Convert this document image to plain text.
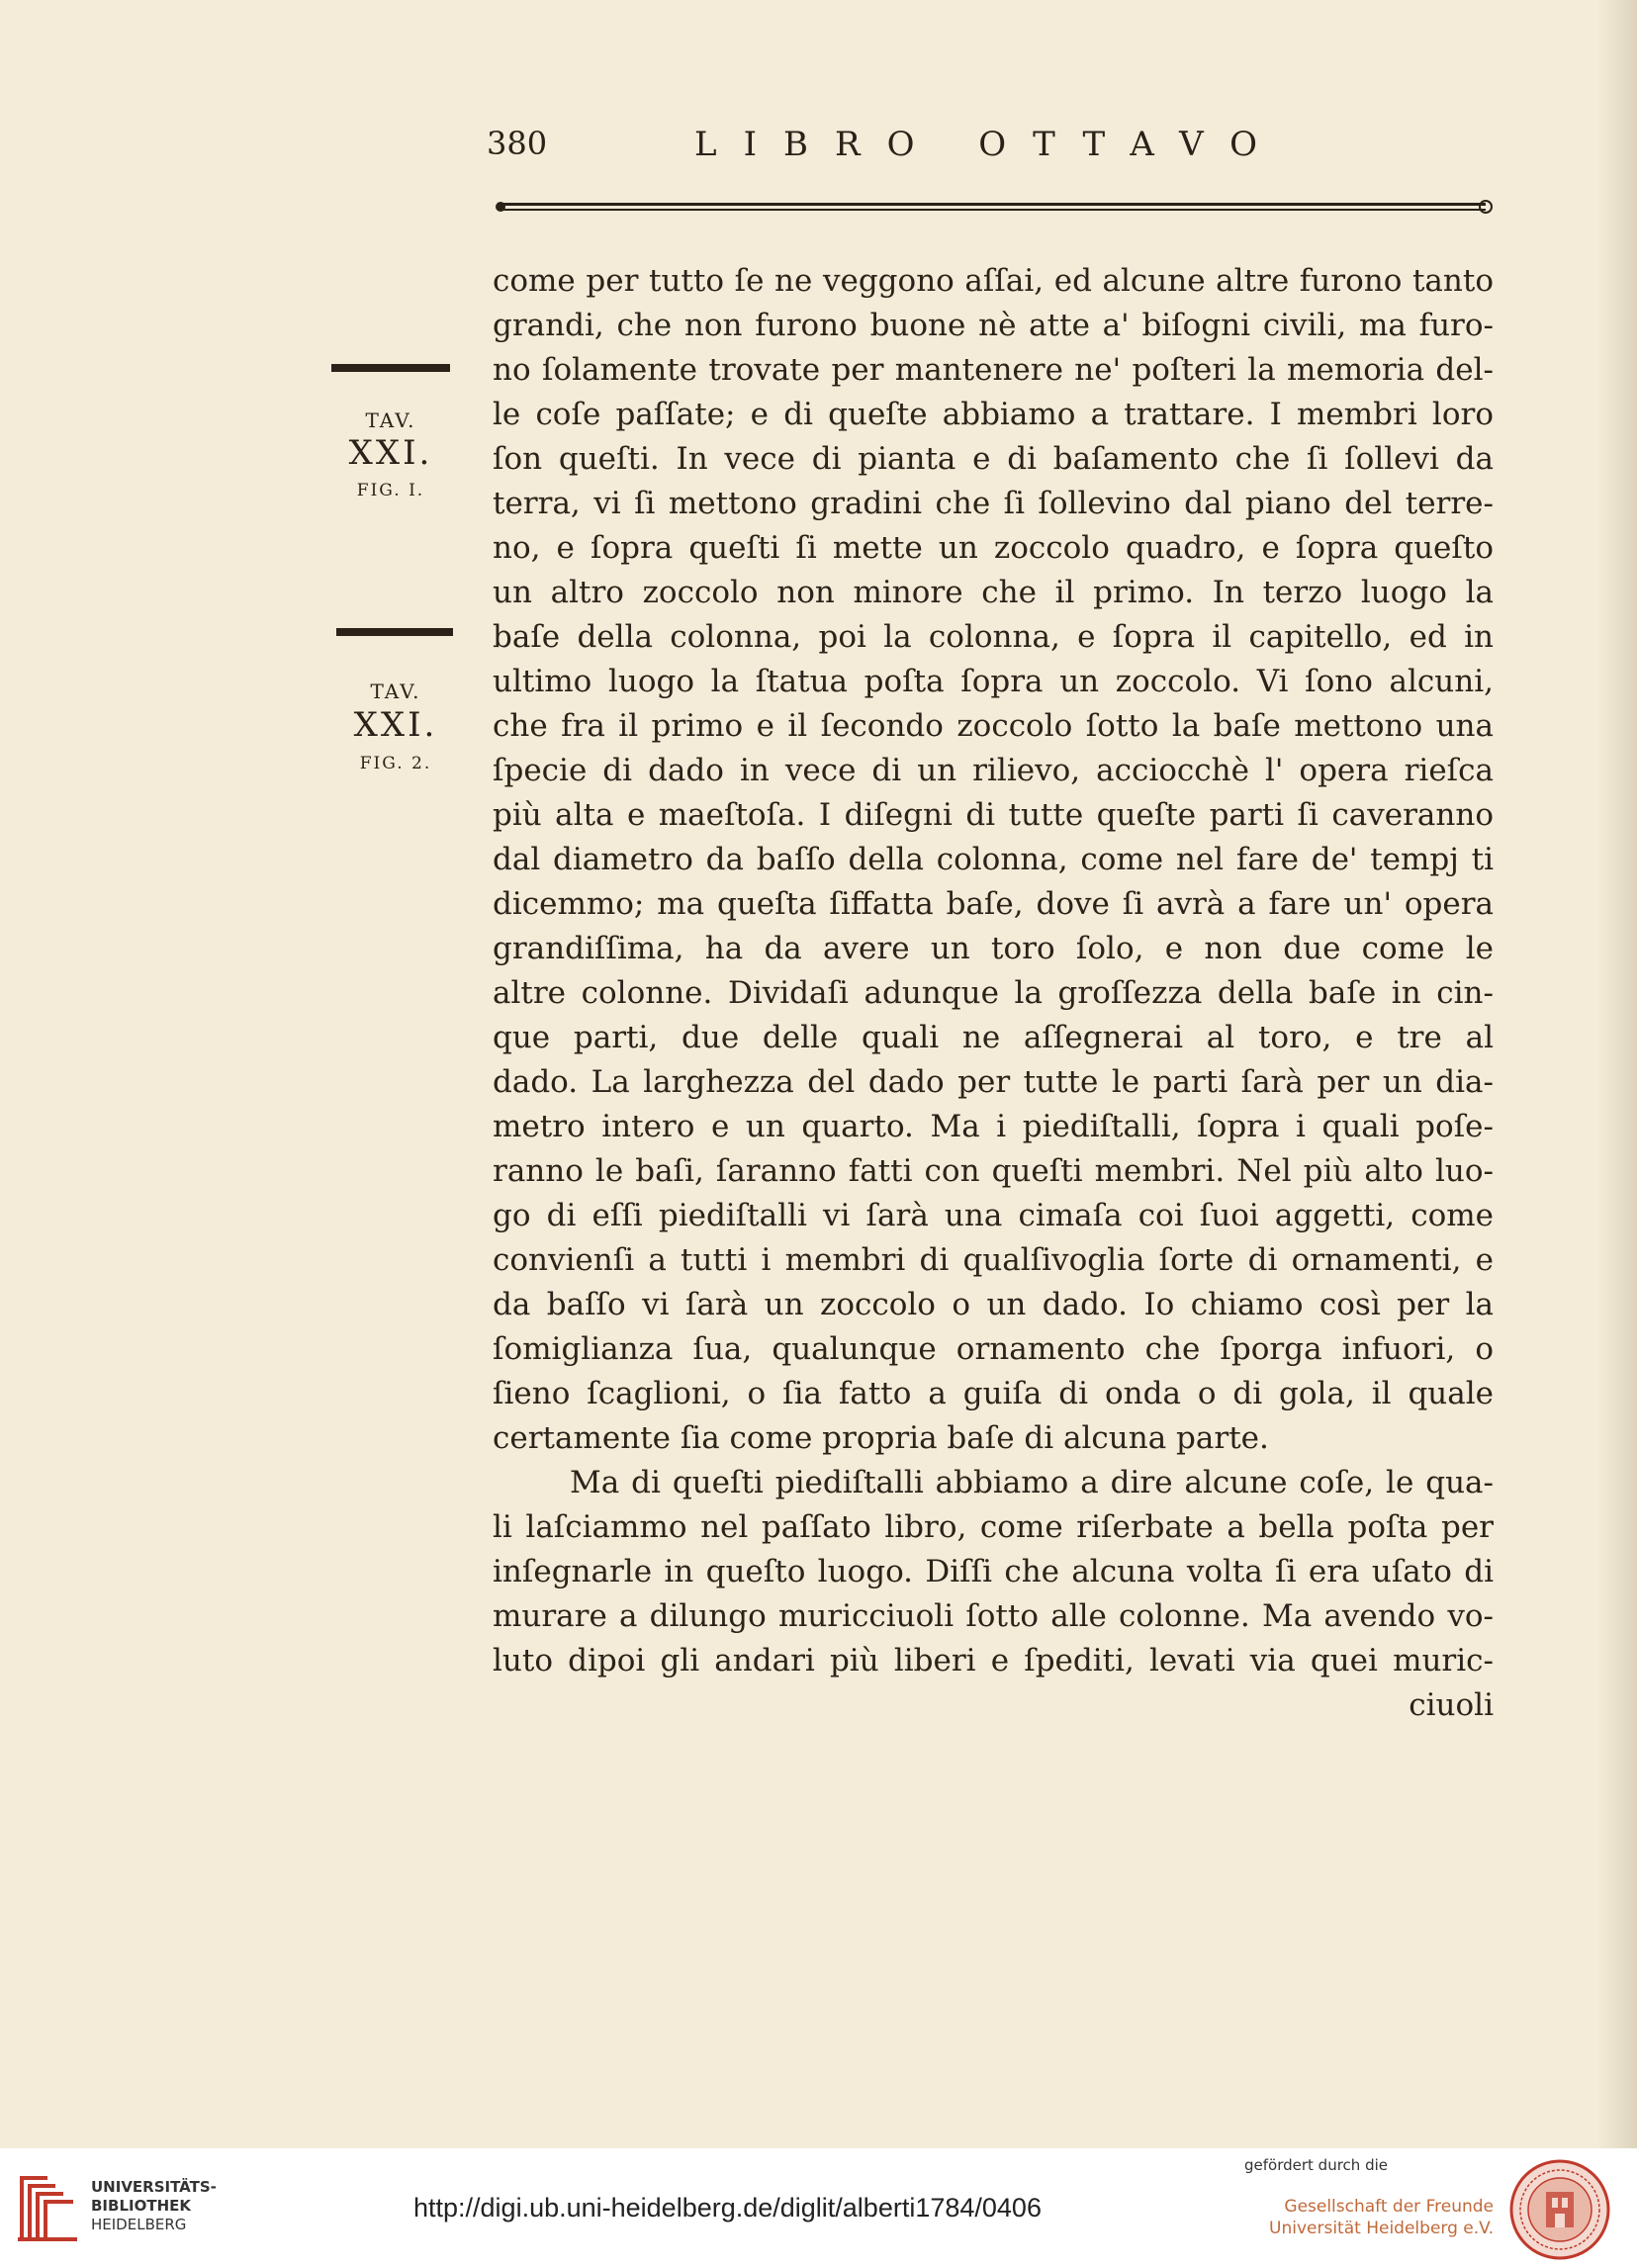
380	LIBRO OTTAVO
TAV.
XXI.
FIG. I.
TAV.
XXI.
FIG. 2.
come per tutto ſe ne veggono aſſai, ed alcune altre furono tanto
grandi, che non furono buone nè atte a' biſogni civili, ma furo-
no ſolamente trovate per mantenere ne' poſteri la memoria del-
le coſe paſſate; e di queſte abbiamo a trattare. I membri loro
ſon queſti. In vece di pianta e di baſamento che ſi ſollevi da
terra, vi ſi mettono gradini che ſi ſollevino dal piano del terre-
no, e ſopra queſti ſi mette un zoccolo quadro, e ſopra queſto
un altro zoccolo non minore che il primo. In terzo luogo la
baſe della colonna, poi la colonna, e ſopra il capitello, ed in
ultimo luogo la ſtatua poſta ſopra un zoccolo. Vi ſono alcuni,
che fra il primo e il ſecondo zoccolo ſotto la baſe mettono una
ſpecie di dado in vece di un rilievo, acciocchè l' opera rieſca
più alta e maeſtoſa. I diſegni di tutte queſte parti ſi caveranno
dal diametro da baſſo della colonna, come nel fare de' tempj ti
dicemmo; ma queſta ſiffatta baſe, dove ſi avrà a fare un' opera
grandiſſima, ha da avere un toro ſolo, e non due come le
altre colonne. Dividaſi adunque la groſſezza della baſe in cin-
que parti, due delle quali ne aſſegnerai al toro, e tre al
dado. La larghezza del dado per tutte le parti ſarà per un dia-
metro intero e un quarto. Ma i piediſtalli, ſopra i quali poſe-
ranno le baſi, ſaranno fatti con queſti membri. Nel più alto luo-
go di eſſi piediſtalli vi ſarà una cimaſa coi ſuoi aggetti, come
convienſi a tutti i membri di qualſivoglia ſorte di ornamenti, e
da baſſo vi ſarà un zoccolo o un dado. Io chiamo così per la
ſomiglianza ſua, qualunque ornamento che ſporga infuori, o
ſieno ſcaglioni, o ſia fatto a guiſa di onda o di gola, il quale
certamente ſia come propria baſe di alcuna parte.
Ma di queſti piediſtalli abbiamo a dire alcune coſe, le qua-
li laſciammo nel paſſato libro, come riſerbate a bella poſta per
inſegnarle in queſto luogo. Diſſi che alcuna volta ſi era uſato di
murare a dilungo muricciuoli ſotto alle colonne. Ma avendo vo-
luto dipoi gli andari più liberi e ſpediti, levati via quei muric-
ciuoli
UNIVERSITÄTS-
BIBLIOTHEK
HEIDELBERG
http://digi.ub.uni-heidelberg.de/diglit/alberti1784/0406
gefördert durch die
Gesellschaft der Freunde
Universität Heidelberg e.V.
